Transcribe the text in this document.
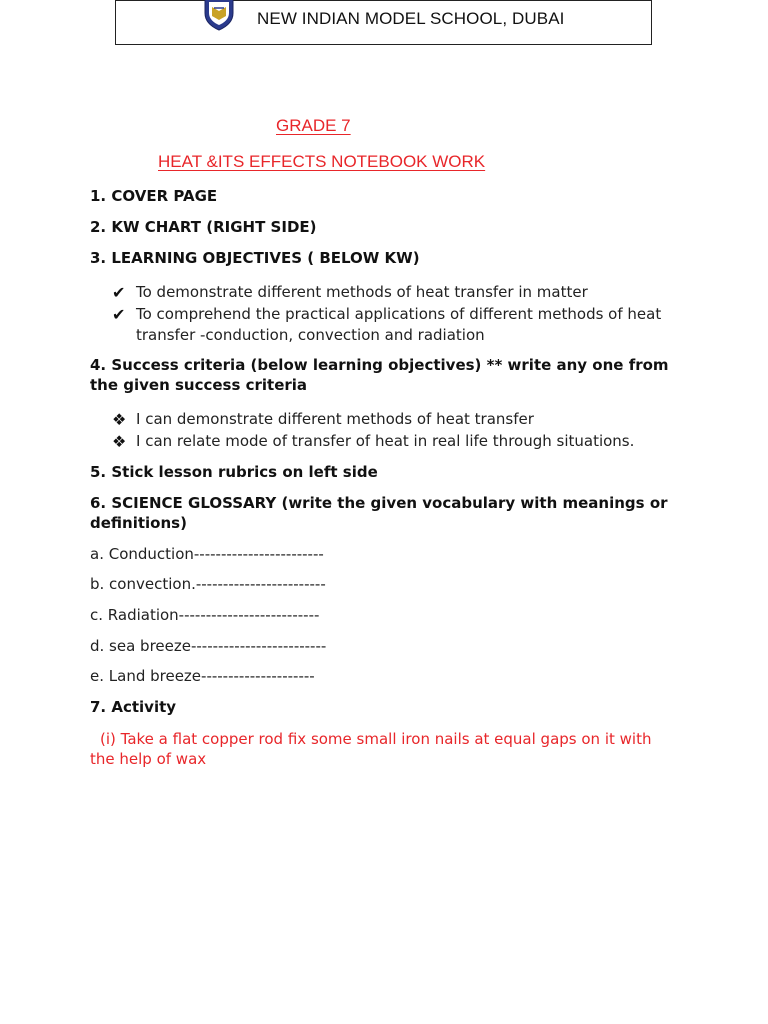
NEW INDIAN MODEL SCHOOL, DUBAI
GRADE 7
HEAT &ITS EFFECTS NOTEBOOK WORK
1. COVER PAGE
2. KW CHART (RIGHT SIDE)
3. LEARNING OBJECTIVES ( BELOW KW)
✔ To demonstrate different methods of heat transfer in matter
✔ To comprehend the practical applications of different methods of heat transfer -conduction, convection and radiation
4. Success criteria (below learning objectives) ** write any one from the given success criteria
❖ I can demonstrate different methods of heat transfer
❖ I can relate mode of transfer of heat in real life through situations.
5. Stick lesson rubrics on left side
6. SCIENCE GLOSSARY (write the given vocabulary with meanings or definitions)
a. Conduction------------------------
b. convection.------------------------
c. Radiation--------------------------
d. sea breeze-------------------------
e. Land breeze---------------------
7. Activity
(i) Take a flat copper rod fix some small iron nails at equal gaps on it with the help of wax
